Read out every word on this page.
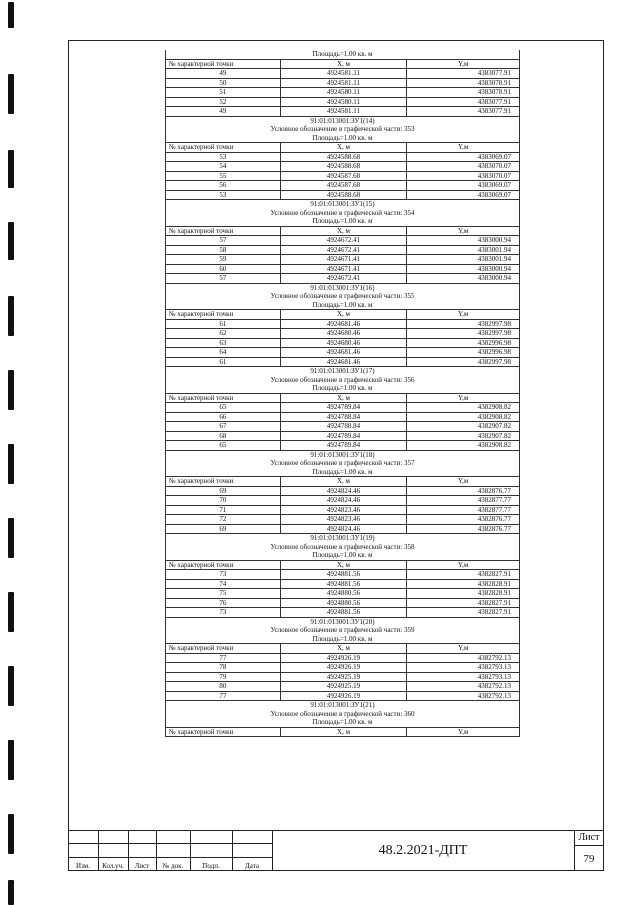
Площадь=1.00 кв. м
№ характерной точки	X, м	Y,м
49	4924581.11	4383077.91
50	4924581.11	4383078.91
51	4924580.11	4383078.91
52	4924580.11	4383077.91
49	4924581.11	4383077.91
91:01:013001:ЗУ1(14)
Условное обозначение в графической части: 353
Площадь=1.00 кв. м
№ характерной точки	X, м	Y,м
53	4924588.68	4383069.07
54	4924588.68	4383070.07
55	4924587.68	4383070.07
56	4924587.68	4383069.07
53	4924588.68	4383069.07
91:01:013001:ЗУ1(15)
Условное обозначение в графической части: 354
Площадь=1.00 кв. м
№ характерной точки	X, м	Y,м
57	4924672.41	4383000.94
58	4924672.41	4383001.94
59	4924671.41	4383001.94
60	4924671.41	4383000.94
57	4924672.41	4383000.94
91:01:013001:ЗУ1(16)
Условное обозначение в графической части: 355
Площадь=1.00 кв. м
№ характерной точки	X, м	Y,м
61	4924681.46	4382997.98
62	4924680.46	4382997.98
63	4924680.46	4382996.98
64	4924681.46	4382996.98
61	4924681.46	4382997.98
91:01:013001:ЗУ1(17)
Условное обозначение в графической части: 356
Площадь=1.00 кв. м
№ характерной точки	X, м	Y,м
65	4924789.84	4382908.82
66	4924788.84	4382908.82
67	4924788.84	4382907.82
68	4924789.84	4382907.82
65	4924789.84	4382908.82
91:01:013001:ЗУ1(18)
Условное обозначение в графической части: 357
Площадь=1.00 кв. м
№ характерной точки	X, м	Y,м
69	4924824.46	4382876.77
70	4924824.46	4382877.77
71	4924823.46	4382877.77
72	4924823.46	4382876.77
69	4924824.46	4382876.77
91:01:013001:ЗУ1(19)
Условное обозначение в графической части: 358
Площадь=1.00 кв. м
№ характерной точки	X, м	Y,м
73	4924881.56	4382827.91
74	4924881.56	4382828.91
75	4924880.56	4382828.91
76	4924880.56	4382827.91
73	4924881.56	4382827.91
91:01:013001:ЗУ1(20)
Условное обозначение в графической части: 359
Площадь=1.00 кв. м
№ характерной точки	X, м	Y,м
77	4924926.19	4382792.13
78	4924926.19	4382793.13
79	4924925.19	4382793.13
80	4924925.19	4382792.13
77	4924926.19	4382792.13
91:01:013001:ЗУ1(21)
Условное обозначение в графической части: 360
Площадь=1.00 кв. м
№ характерной точки	X, м	Y,м
Изм.	Кол.уч.	Лист	№ док.	Подп.	Дата
48.2.2021-ДПТ
Лист
79
